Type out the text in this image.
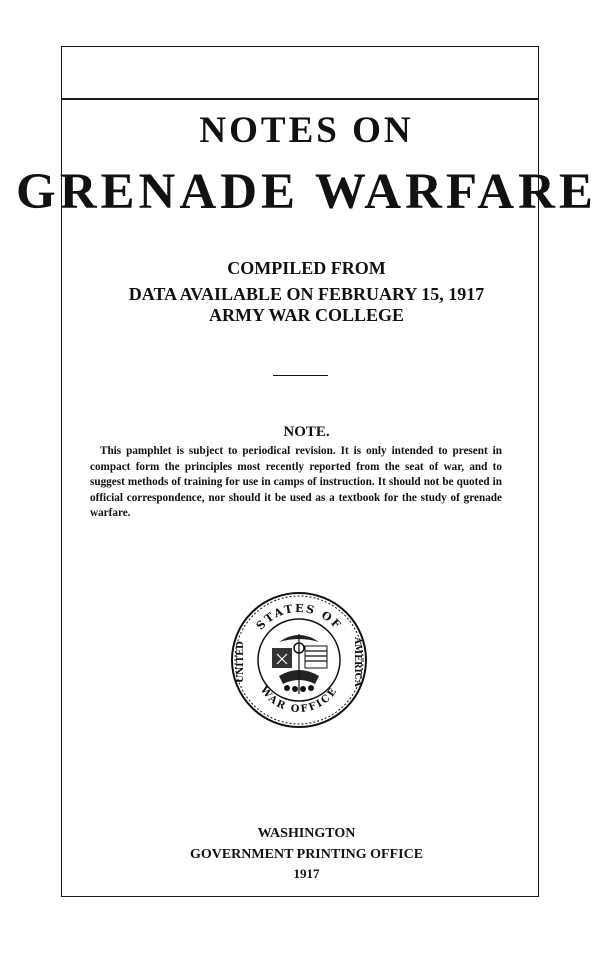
NOTES ON
GRENADE WARFARE
COMPILED FROM
DATA AVAILABLE ON FEBRUARY 15, 1917
ARMY WAR COLLEGE
NOTE.
This pamphlet is subject to periodical revision. It is only intended to present in compact form the principles most recently reported from the seat of war, and to suggest methods of training for use in camps of instruction. It should not be quoted in official correspondence, nor should it be used as a textbook for the study of grenade warfare.
STATES OF
WAR OFFICE
UNITED	AMERICA
WASHINGTON
GOVERNMENT PRINTING OFFICE
1917
